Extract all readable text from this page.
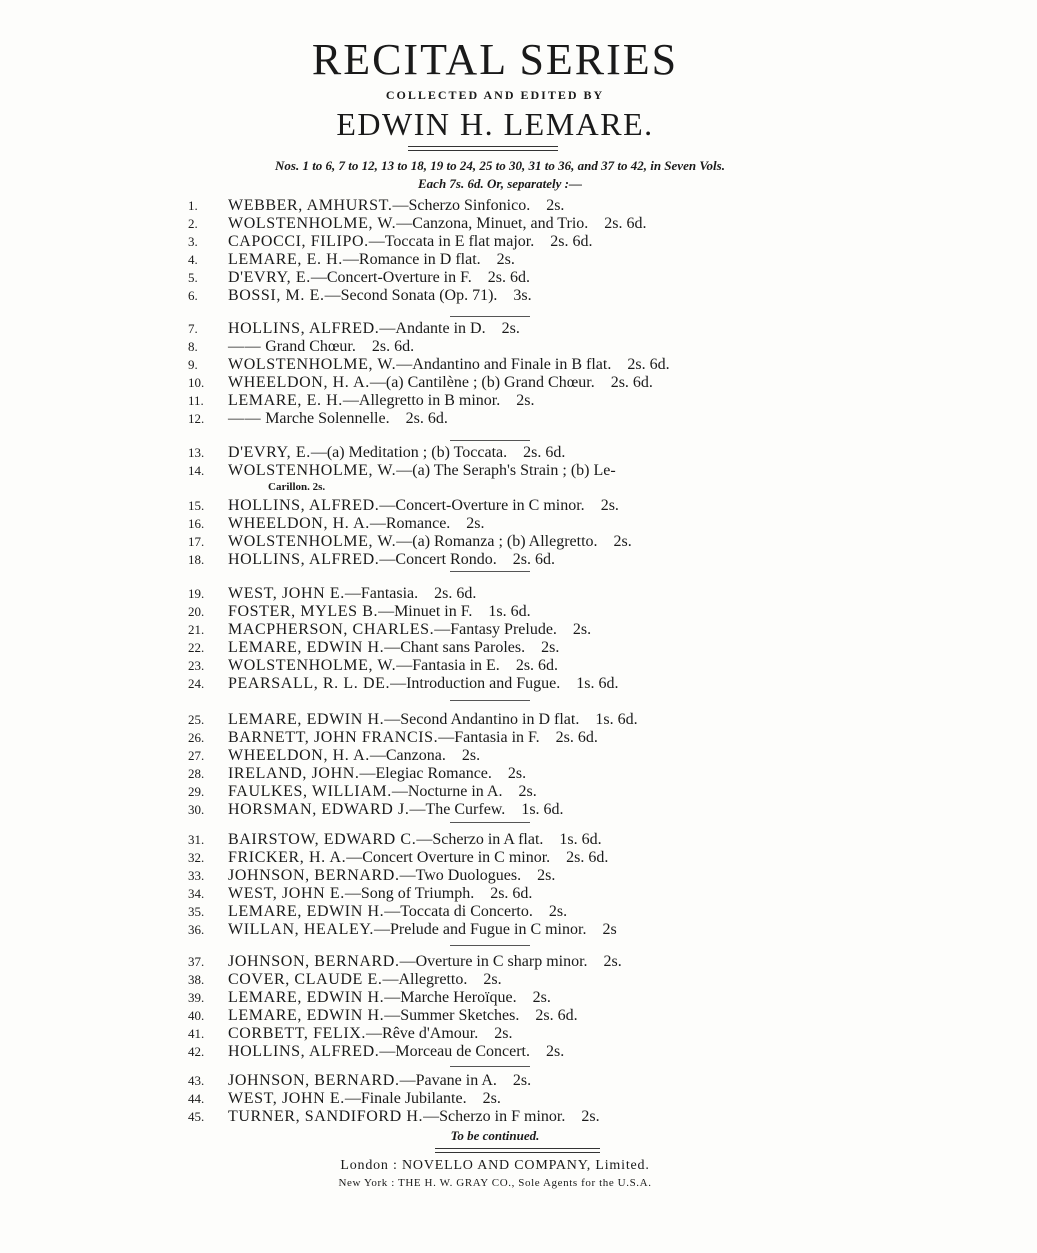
RECITAL SERIES
COLLECTED AND EDITED BY
EDWIN H. LEMARE.
Nos. 1 to 6, 7 to 12, 13 to 18, 19 to 24, 25 to 30, 31 to 36, and 37 to 42, in Seven Vols.
Each 7s. 6d. Or, separately :—
1. WEBBER, AMHURST.—Scherzo Sinfonico. 2s.
2. WOLSTENHOLME, W.—Canzona, Minuet, and Trio. 2s. 6d.
3. CAPOCCI, FILIPO.—Toccata in E flat major. 2s. 6d.
4. LEMARE, E. H.—Romance in D flat. 2s.
5. D'EVRY, E.—Concert-Overture in F. 2s. 6d.
6. BOSSI, M. E.—Second Sonata (Op. 71). 3s.
7. HOLLINS, ALFRED.—Andante in D. 2s.
8. —— Grand Chœur. 2s. 6d.
9. WOLSTENHOLME, W.—Andantino and Finale in B flat. 2s. 6d.
10. WHEELDON, H. A.—(a) Cantilène ; (b) Grand Chœur. 2s. 6d.
11. LEMARE, E. H.—Allegretto in B minor. 2s.
12. —— Marche Solennelle. 2s. 6d.
13. D'EVRY, E.—(a) Meditation ; (b) Toccata. 2s. 6d.
14. WOLSTENHOLME, W.—(a) The Seraph's Strain ; (b) Le-
15. HOLLINS, ALFRED.—Concert-Overture in C minor. 2s.
16. WHEELDON, H. A.—Romance. 2s.
17. WOLSTENHOLME, W.—(a) Romanza ; (b) Allegretto. 2s.
18. HOLLINS, ALFRED.—Concert Rondo. 2s. 6d.
19. WEST, JOHN E.—Fantasia. 2s. 6d.
20. FOSTER, MYLES B.—Minuet in F. 1s. 6d.
21. MACPHERSON, CHARLES.—Fantasy Prelude. 2s.
22. LEMARE, EDWIN H.—Chant sans Paroles. 2s.
23. WOLSTENHOLME, W.—Fantasia in E. 2s. 6d.
24. PEARSALL, R. L. DE.—Introduction and Fugue. 1s. 6d.
25. LEMARE, EDWIN H.—Second Andantino in D flat. 1s. 6d.
26. BARNETT, JOHN FRANCIS.—Fantasia in F. 2s. 6d.
27. WHEELDON, H. A.—Canzona. 2s.
28. IRELAND, JOHN.—Elegiac Romance. 2s.
29. FAULKES, WILLIAM.—Nocturne in A. 2s.
30. HORSMAN, EDWARD J.—The Curfew. 1s. 6d.
31. BAIRSTOW, EDWARD C.—Scherzo in A flat. 1s. 6d.
32. FRICKER, H. A.—Concert Overture in C minor. 2s. 6d.
33. JOHNSON, BERNARD.—Two Duologues. 2s.
34. WEST, JOHN E.—Song of Triumph. 2s. 6d.
35. LEMARE, EDWIN H.—Toccata di Concerto. 2s.
36. WILLAN, HEALEY.—Prelude and Fugue in C minor. 2s
37. JOHNSON, BERNARD.—Overture in C sharp minor. 2s.
38. COVER, CLAUDE E.—Allegretto. 2s.
39. LEMARE, EDWIN H.—Marche Heroïque. 2s.
40. LEMARE, EDWIN H.—Summer Sketches. 2s. 6d.
41. CORBETT, FELIX.—Rêve d'Amour. 2s.
42. HOLLINS, ALFRED.—Morceau de Concert. 2s.
43. JOHNSON, BERNARD.—Pavane in A. 2s.
44. WEST, JOHN E.—Finale Jubilante. 2s.
45. TURNER, SANDIFORD H.—Scherzo in F minor. 2s.
Carillon. 2s.
To be continued.
London : NOVELLO AND COMPANY, Limited.
New York : THE H. W. GRAY CO., Sole Agents for the U.S.A.
